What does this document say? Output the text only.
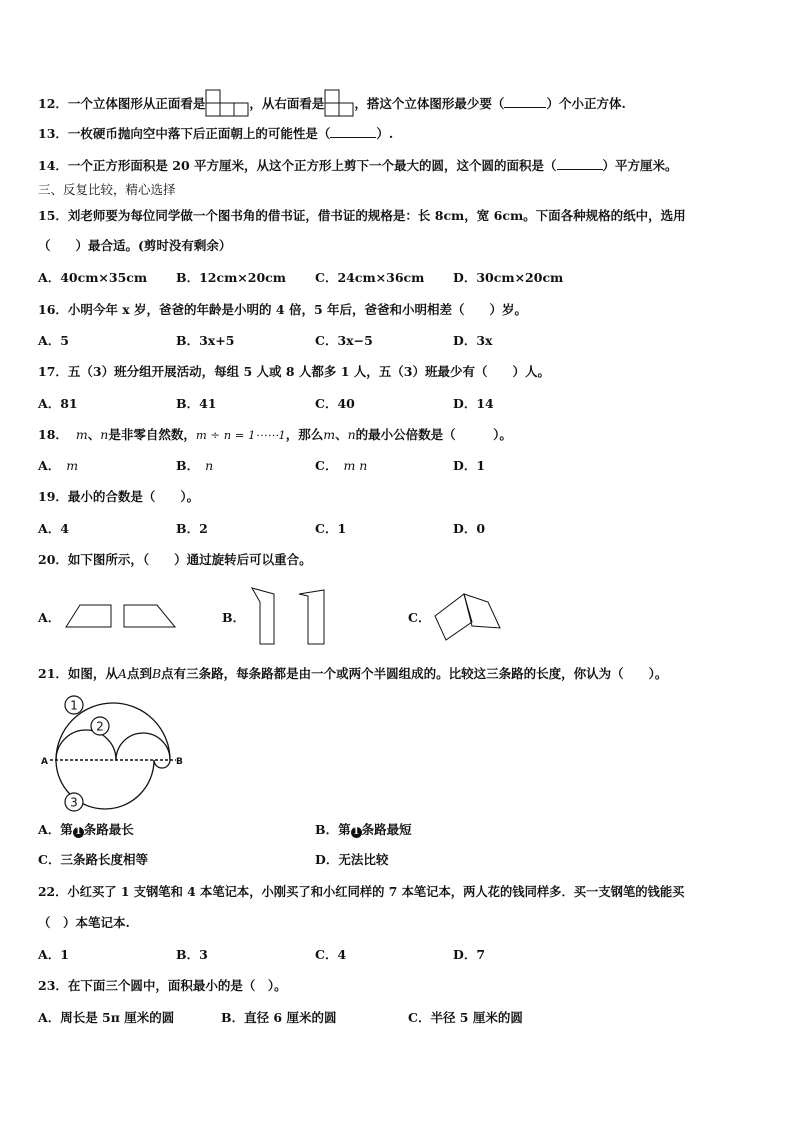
12．一个立体图形从正面看是	，从右面看是 ，搭这个立体图形最少要（	）个小正方体.
13．一枚硬币抛向空中落下后正面朝上的可能性是（	）.
14．一个正方形面积是 20 平方厘米，从这个正方形上剪下一个最大的圆，这个圆的面积是（	）平方厘米。
三、反复比较，精心选择
15．刘老师要为每位同学做一个图书角的借书证，借书证的规格是：长 8cm，宽 6cm。下面各种规格的纸中，选用
（　　）最合适。(剪时没有剩余）
A．40cm×35cm B．12cm×20cm C．24cm×36cm D．30cm×20cm
16．小明今年 x 岁，爸爸的年龄是小明的 4 倍，5 年后，爸爸和小明相差（　　）岁。
A．5	B．3x+5	C．3x−5	D．3x
17．五（3）班分组开展活动，每组 5 人或 8 人都多 1 人，五（3）班最少有（　　）人。
A．81	B．41	C．40	D．14
18． m、n是非零自然数，m ÷ n = 1⋯⋯1，那么m、n的最小公倍数是（　　　）。
A． m	B． n	C． m n	D．1
19．最小的合数是（　　）。
A．4	B．2	C．1	D．0
20．如下图所示，（　　）通过旋转后可以重合。
A．	B．	C．
21．如图，从A点到B点有三条路，每条路都是由一个或两个半圆组成的。比较这三条路的长度，你认为（　　）。
A	B
1
2
3
A．第 1 条路最长	B．第 1 条路最短
C．三条路长度相等	D．无法比较
22．小红买了 1 支钢笔和 4 本笔记本，小刚买了和小红同样的 7 本笔记本，两人花的钱同样多．买一支钢笔的钱能买
（　）本笔记本.
A．1	B．3	C．4	D．7
23．在下面三个圆中，面积最小的是（　）。
A．周长是 5π 厘米的圆	B．直径 6 厘米的圆	C．半径 5 厘米的圆
